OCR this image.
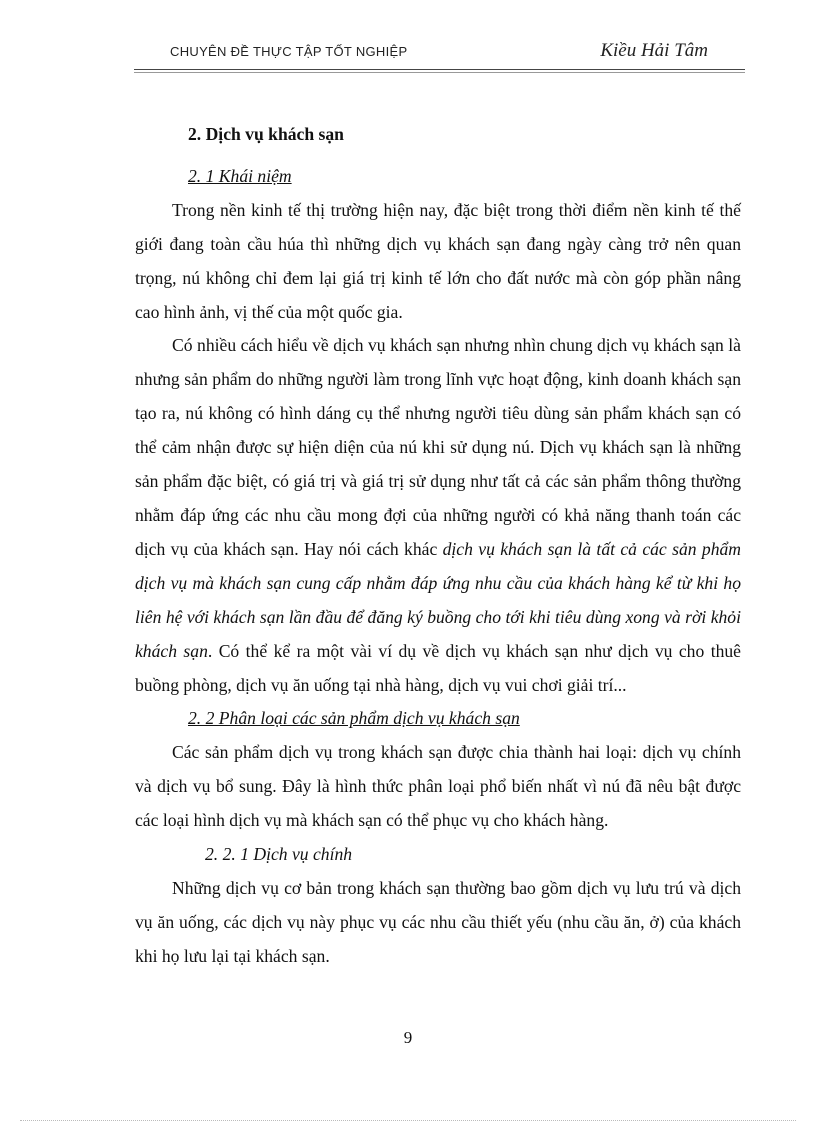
CHUYÊN ĐỀ THỰC TẬP TỐT NGHIỆP	Kiều Hải Tâm

2. Dịch vụ khách sạn

2. 1 Khái niệm

Trong nền kinh tế thị trường hiện nay, đặc biệt trong thời điểm nền kinh tế thế giới đang toàn cầu húa thì những dịch vụ khách sạn đang ngày càng trở nên quan trọng, nú không chỉ đem lại giá trị kinh tế lớn cho đất nước mà còn góp phần nâng cao hình ảnh, vị thế của một quốc gia.

Có nhiều cách hiểu về dịch vụ khách sạn nhưng nhìn chung dịch vụ khách sạn là nhưng sản phẩm do những người làm trong lĩnh vực hoạt động, kinh doanh khách sạn tạo ra, nú không có hình dáng cụ thể nhưng người tiêu dùng sản phẩm khách sạn có thể cảm nhận được sự hiện diện của nú khi sử dụng nú. Dịch vụ khách sạn là những sản phẩm đặc biệt, có giá trị và giá trị sử dụng như tất cả các sản phẩm thông thường nhằm đáp ứng các nhu cầu mong đợi của những người có khả năng thanh toán các dịch vụ của khách sạn. Hay nói cách khác dịch vụ khách sạn là tất cả các sản phẩm dịch vụ mà khách sạn cung cấp nhằm đáp ứng nhu cầu của khách hàng kể từ khi họ liên hệ với khách sạn lần đầu để đăng ký buồng cho tới khi tiêu dùng xong và rời khỏi khách sạn. Có thể kể ra một vài ví dụ về dịch vụ khách sạn như dịch vụ cho thuê buồng phòng, dịch vụ ăn uống tại nhà hàng, dịch vụ vui chơi giải trí...

2. 2 Phân loại các sản phẩm dịch vụ khách sạn

Các sản phẩm dịch vụ trong khách sạn được chia thành hai loại: dịch vụ chính và dịch vụ bổ sung. Đây là hình thức phân loại phổ biến nhất vì nú đã nêu bật được các loại hình dịch vụ mà khách sạn có thể phục vụ cho khách hàng.

2. 2. 1 Dịch vụ chính

Những dịch vụ cơ bản trong khách sạn thường bao gồm dịch vụ lưu trú và dịch vụ ăn uống, các dịch vụ này phục vụ các nhu cầu thiết yếu (nhu cầu ăn, ở) của khách khi họ lưu lại tại khách sạn.

9
